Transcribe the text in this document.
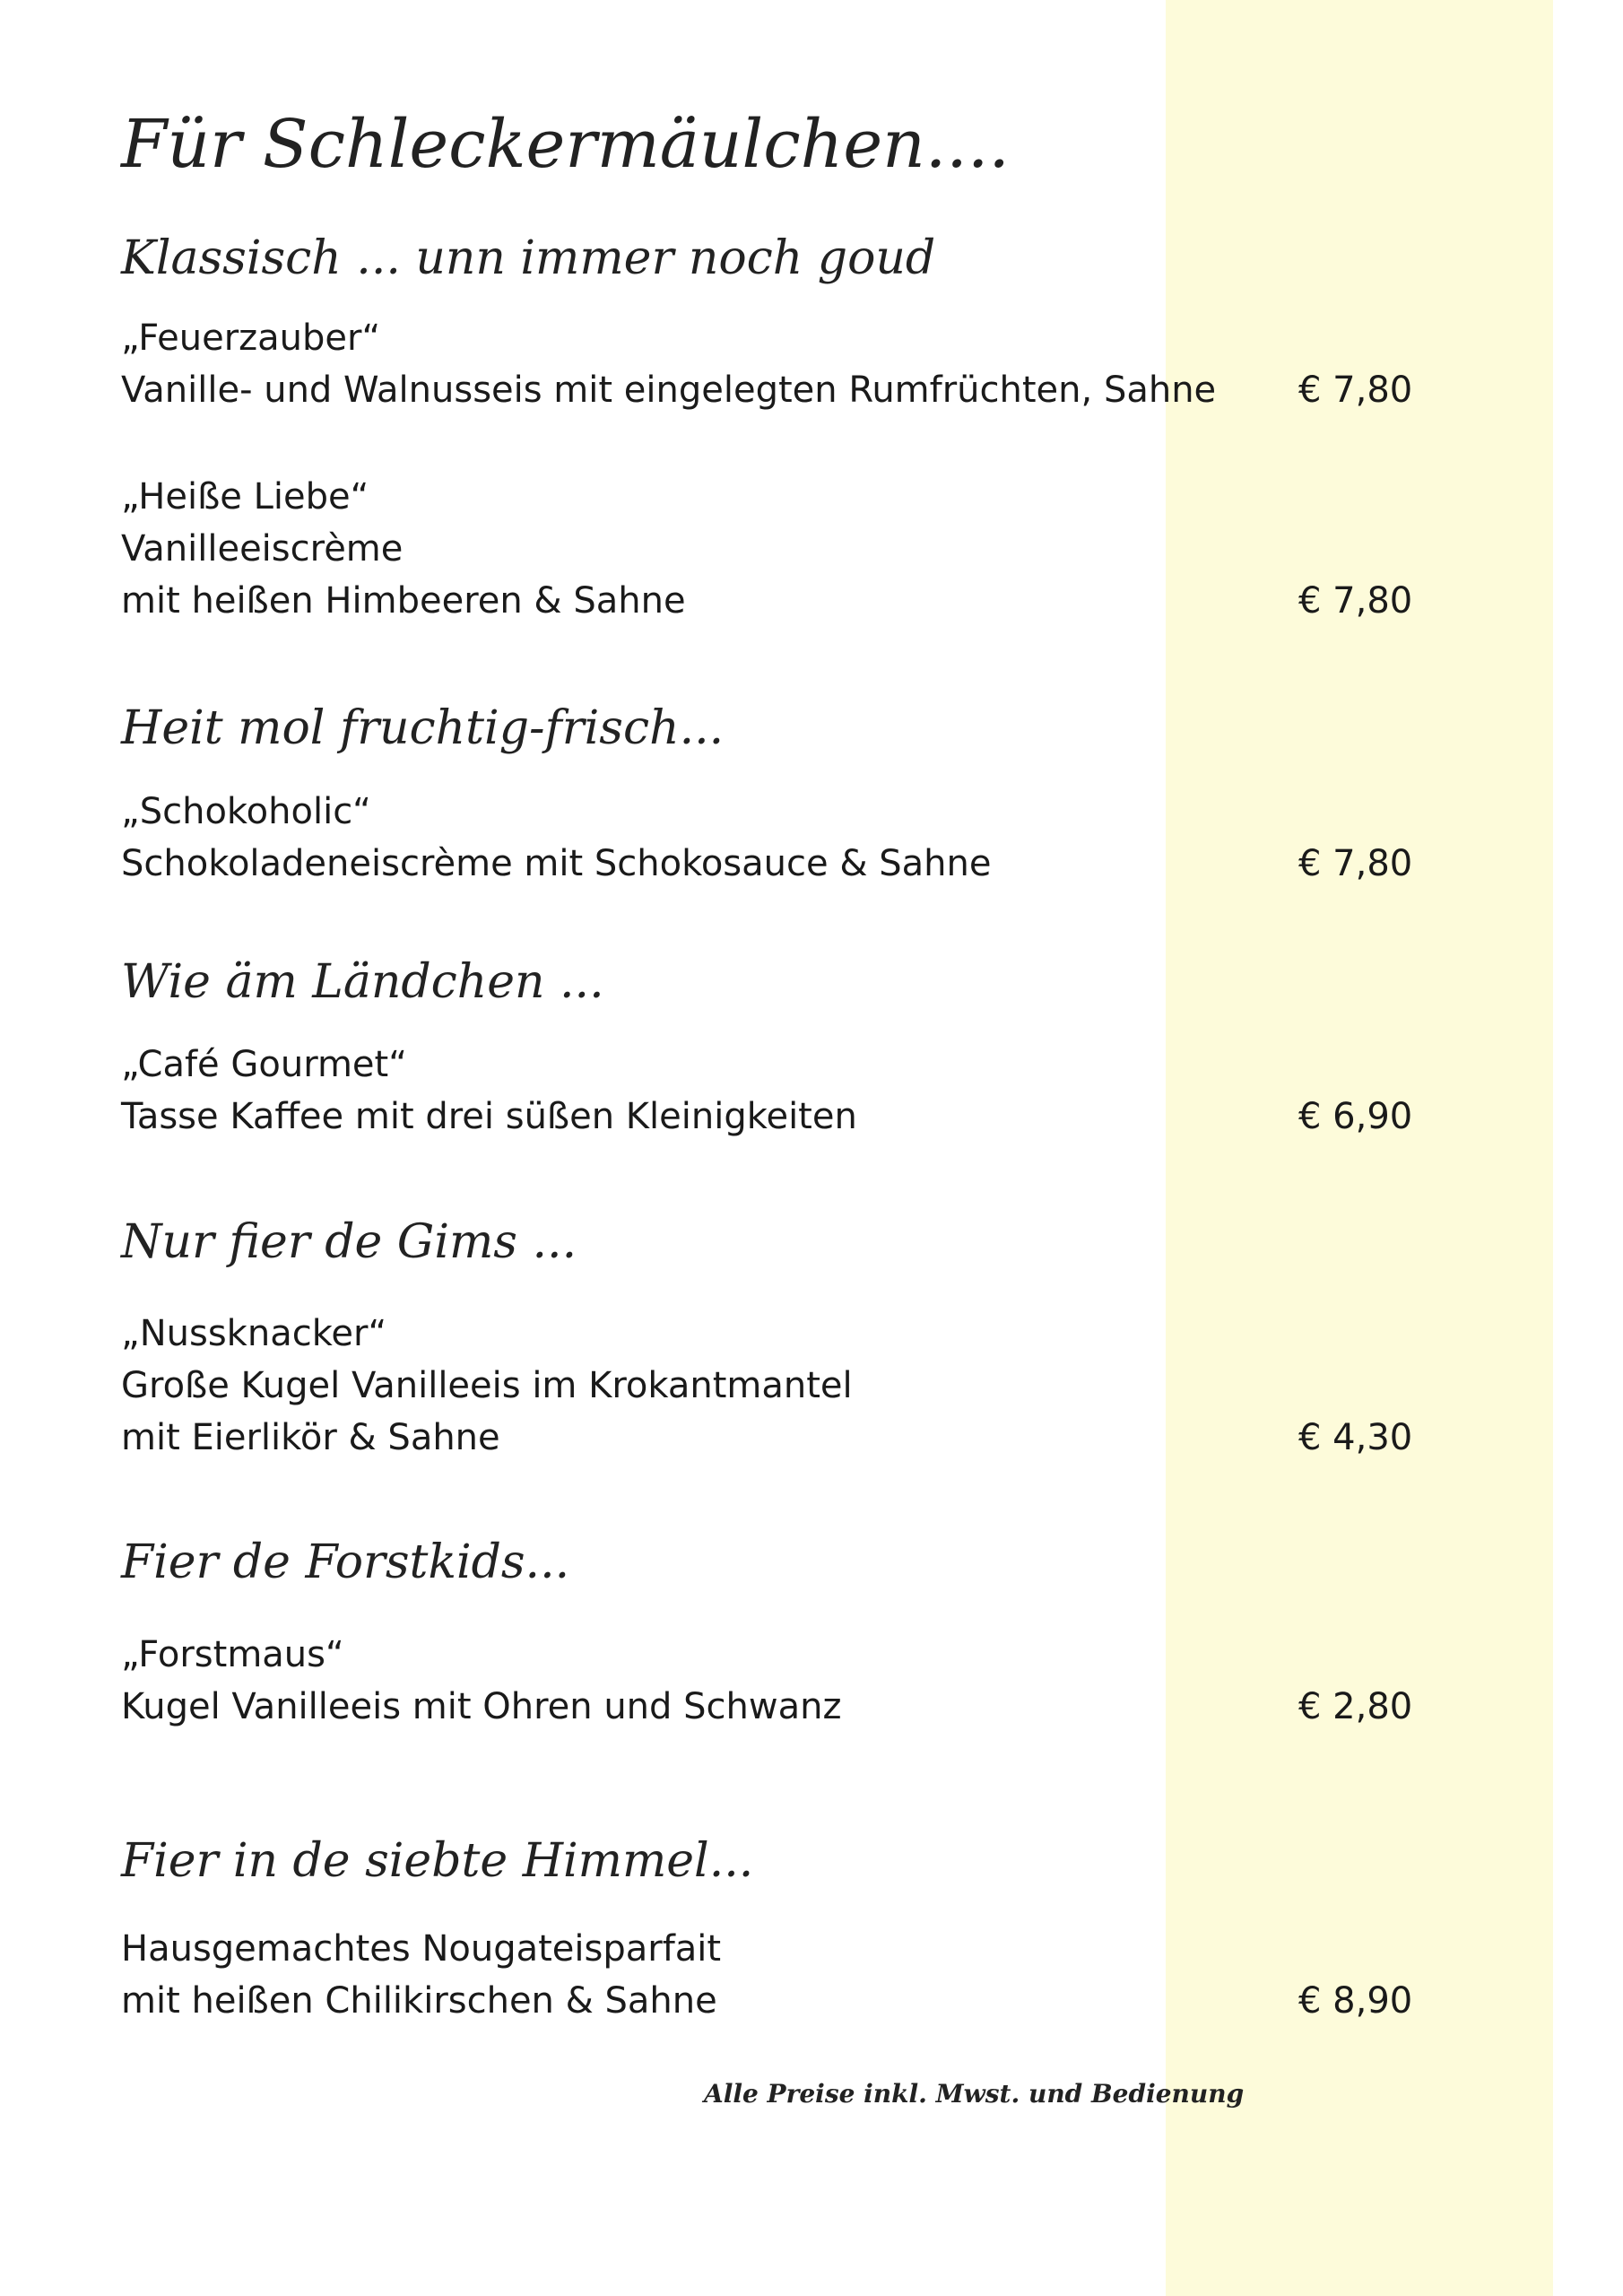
Für Schleckermäulchen....
Klassisch ... unn immer noch goud
„Feuerzauber“
Vanille- und Walnusseis mit eingelegten Rumfrüchten, Sahne € 7,80
„Heiße Liebe“
Vanilleeiscrème
mit heißen Himbeeren & Sahne	€ 7,80
Heit mol fruchtig-frisch...
„Schokoholic“
Schokoladeneiscrème mit Schokosauce & Sahne	€ 7,80
Wie äm Ländchen ...
„Café Gourmet“
Tasse Kaffee mit drei süßen Kleinigkeiten	€ 6,90
Nur fier de Gims ...
„Nussknacker“
Große Kugel Vanilleeis im Krokantmantel
mit Eierlikör & Sahne	€ 4,30
Fier de Forstkids...
„Forstmaus“
Kugel Vanilleeis mit Ohren und Schwanz	€ 2,80
Fier in de siebte Himmel...
Hausgemachtes Nougateisparfait
mit heißen Chilikirschen & Sahne	€ 8,90
Alle Preise inkl. Mwst. und Bedienung
